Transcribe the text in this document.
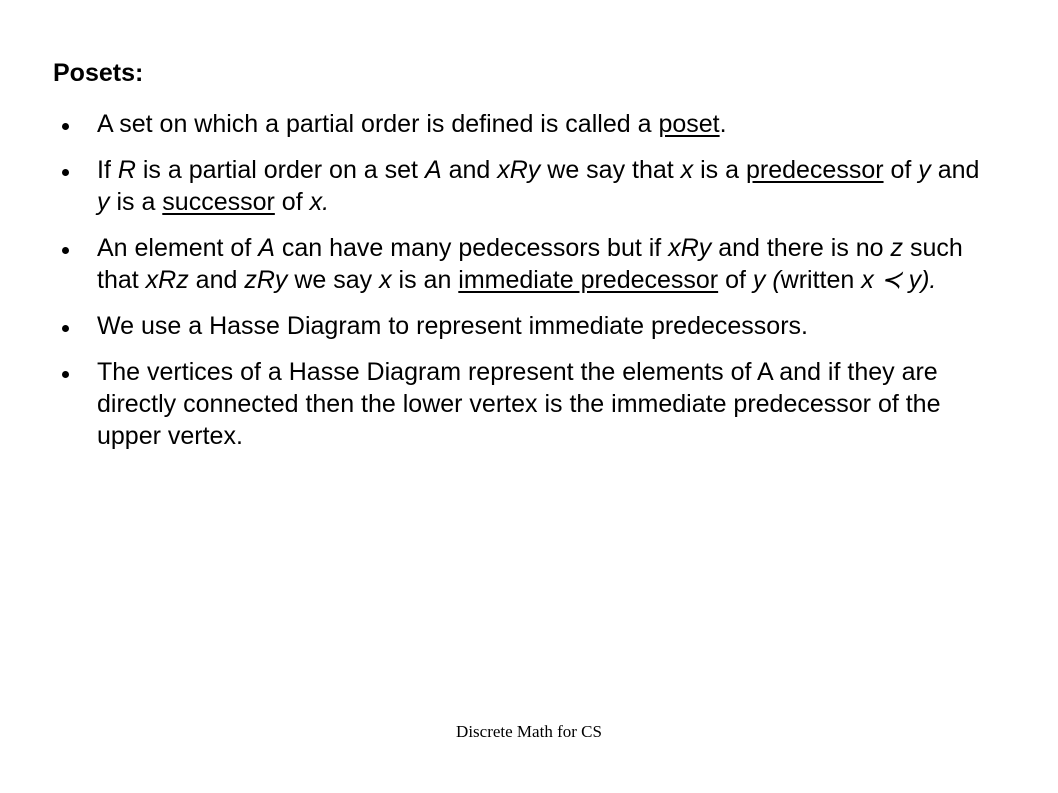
Posets:
A set on which a partial order is defined is called a poset.
If R is a partial order on a set A and xRy we say that x is a predecessor of y and y is a successor of x.
An element of A can have many pedecessors but if xRy and there is no z such that xRz and zRy we say x is an immediate predecessor of y (written x ≺ y).
We use a Hasse Diagram to represent immediate predecessors.
The vertices of a Hasse Diagram represent the elements of A and if they are directly connected then the lower vertex is the immediate predecessor of the upper vertex.
Discrete Math for CS
